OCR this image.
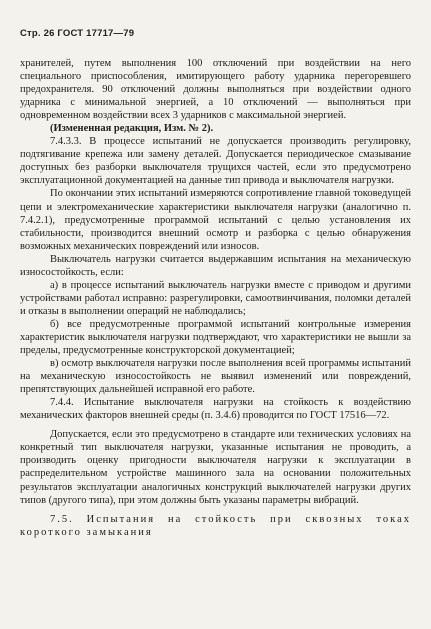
Стр. 26 ГОСТ 17717—79

хранителей, путем выполнения 100 отключений при воздействии на него специального приспособления, имитирующего работу ударника перегоревшего предохранителя. 90 отключений должны выполняться при воздействии одного ударника с минимальной энергией, а 10 отключений — выполняться при одновременном воздействии всех 3 ударников с максимальной энергией.

(Измененная редакция, Изм. № 2).

7.4.3.3. В процессе испытаний не допускается производить регулировку, подтягивание крепежа или замену деталей. Допускается периодическое смазывание доступных без разборки выключателя трущихся частей, если это предусмотрено эксплуатационной документацией на данные тип привода и выключателя нагрузки.

По окончании этих испытаний измеряются сопротивление главной токоведущей цепи и электромеханические характеристики выключателя нагрузки (аналогично п. 7.4.2.1), предусмотренные программой испытаний с целью установления их стабильности, производится внешний осмотр и разборка с целью обнаружения возможных механических повреждений или износов.

Выключатель нагрузки считается выдержавшим испытания на механическую износостойкость, если:

а) в процессе испытаний выключатель нагрузки вместе с приводом и другими устройствами работал исправно: разрегулировки, самоотвинчивания, поломки деталей и отказы в выполнении операций не наблюдались;

б) все предусмотренные программой испытаний контрольные измерения характеристик выключателя нагрузки подтверждают, что характеристики не вышли за пределы, предусмотренные конструкторской документацией;

в) осмотр выключателя нагрузки после выполнения всей программы испытаний на механическую износостойкость не выявил изменений или повреждений, препятствующих дальнейшей исправной его работе.

7.4.4. Испытание выключателя нагрузки на стойкость к воздействию механических факторов внешней среды (п. 3.4.6) проводится по ГОСТ 17516—72.

Допускается, если это предусмотрено в стандарте или технических условиях на конкретный тип выключателя нагрузки, указанные испытания не проводить, а производить оценку пригодности выключателя нагрузки к эксплуатации в распределительном устройстве машинного зала на основании положительных результатов эксплуатации аналогичных конструкций выключателей нагрузки других типов (другого типа), при этом должны быть указаны параметры вибраций.

7.5. Испытания на стойкость при сквозных токах короткого замыкания
